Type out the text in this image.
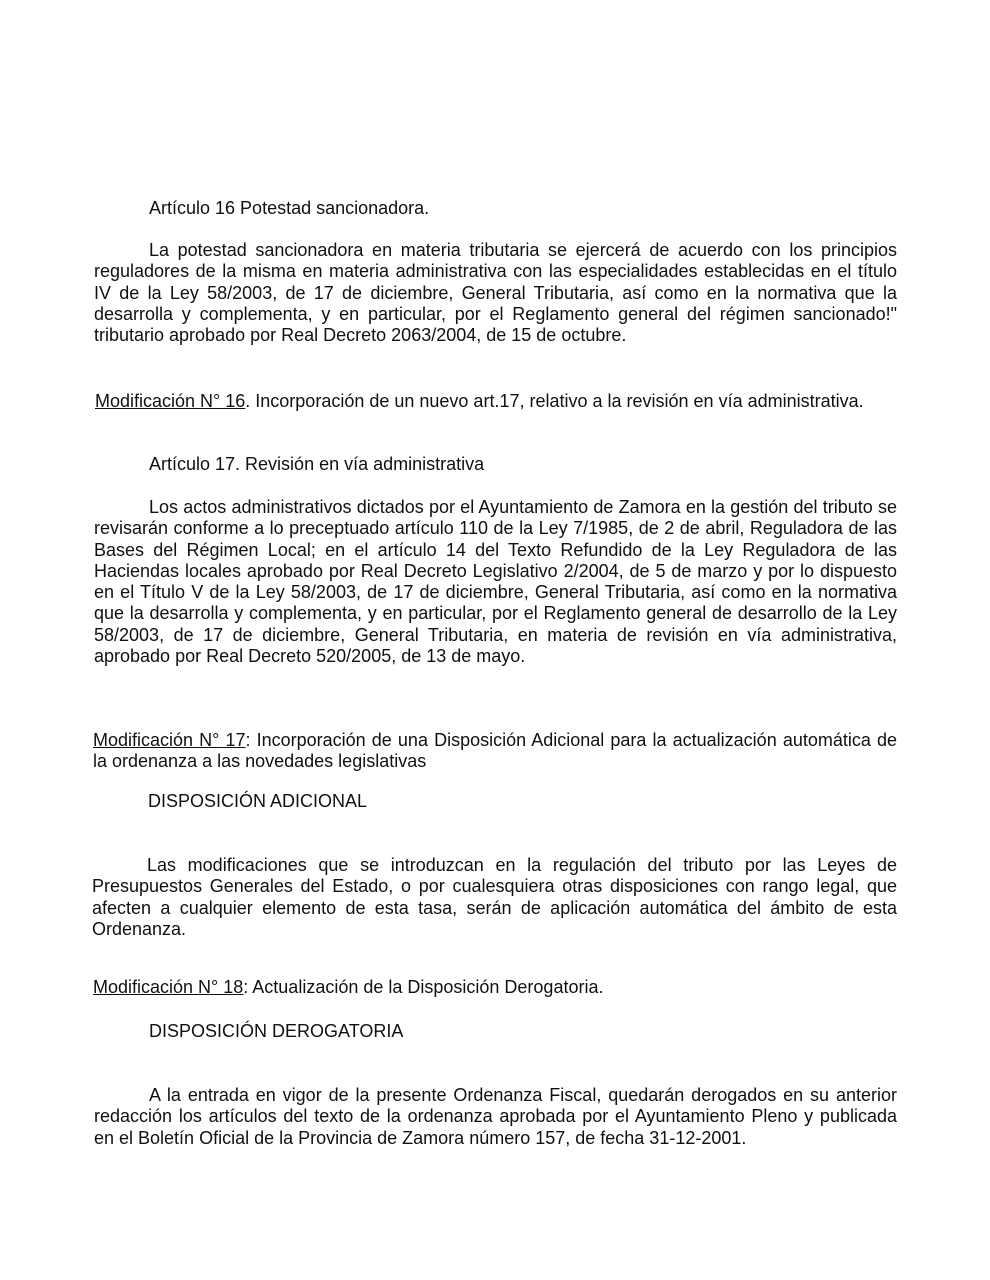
Artículo 16 Potestad sancionadora.

La potestad sancionadora en materia tributaria se ejercerá de acuerdo con los principios reguladores de la misma en materia administrativa con las especialidades establecidas en el título IV de la Ley 58/2003, de 17 de diciembre, General Tributaria, así como en la normativa que la desarrolla y complementa, y en particular, por el Reglamento general del régimen sancionado!" tributario aprobado por Real Decreto 2063/2004, de 15 de octubre.

Modificación N° 16. Incorporación de un nuevo art.17, relativo a la revisión en vía administrativa.

Artículo 17. Revisión en vía administrativa

Los actos administrativos dictados por el Ayuntamiento de Zamora en la gestión del tributo se revisarán conforme a lo preceptuado artículo 110 de la Ley 7/1985, de 2 de abril, Reguladora de las Bases del Régimen Local; en el artículo 14 del Texto Refundido de la Ley Reguladora de las Haciendas locales aprobado por Real Decreto Legislativo 2/2004, de 5 de marzo y por lo dispuesto en el Título V de la Ley 58/2003, de 17 de diciembre, General Tributaria, así como en la normativa que la desarrolla y complementa, y en particular, por el Reglamento general de desarrollo de la Ley 58/2003, de 17 de diciembre, General Tributaria, en materia de revisión en vía administrativa, aprobado por Real Decreto 520/2005, de 13 de mayo.

Modificación N° 17: Incorporación de una Disposición Adicional para la actualización automática de la ordenanza a las novedades legislativas

DISPOSICIÓN ADICIONAL

Las modificaciones que se introduzcan en la regulación del tributo por las Leyes de Presupuestos Generales del Estado, o por cualesquiera otras disposiciones con rango legal, que afecten a cualquier elemento de esta tasa, serán de aplicación automática del ámbito de esta Ordenanza.

Modificación N° 18: Actualización de la Disposición Derogatoria.

DISPOSICIÓN DEROGATORIA

A la entrada en vigor de la presente Ordenanza Fiscal, quedarán derogados en su anterior redacción los artículos del texto de la ordenanza aprobada por el Ayuntamiento Pleno y publicada en el Boletín Oficial de la Provincia de Zamora número 157, de fecha 31-12-2001.
